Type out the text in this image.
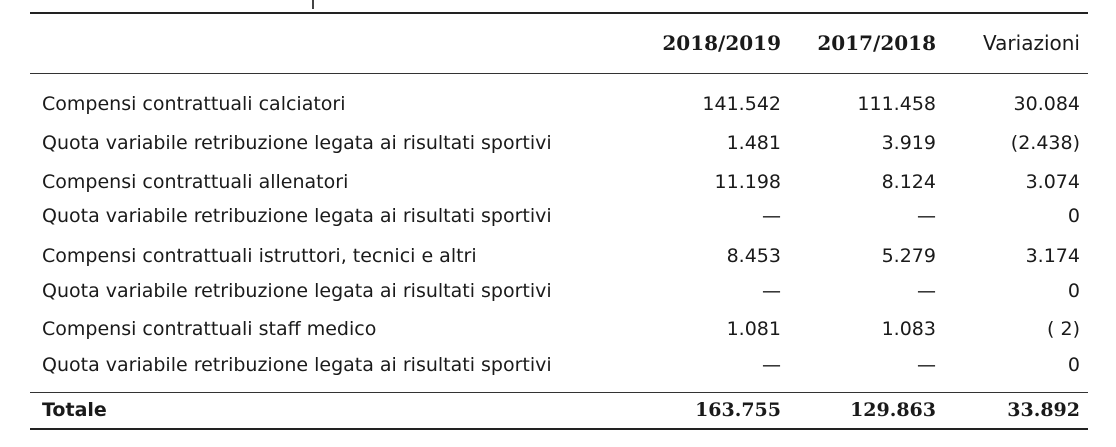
2018/2019 2017/2018 Variazioni
Compensi contrattuali calciatori	141.542	111.458	30.084
Quota variabile retribuzione legata ai risultati sportivi	1.481	3.919	(2.438)
Compensi contrattuali allenatori	11.198	8.124	3.074
Quota variabile retribuzione legata ai risultati sportivi	—	—	0
Compensi contrattuali istruttori, tecnici e altri	8.453	5.279	3.174
Quota variabile retribuzione legata ai risultati sportivi	—	—	0
Compensi contrattuali staff medico	1.081	1.083	( 2)
Quota variabile retribuzione legata ai risultati sportivi	—	—	0
Totale	163.755	129.863	33.892
